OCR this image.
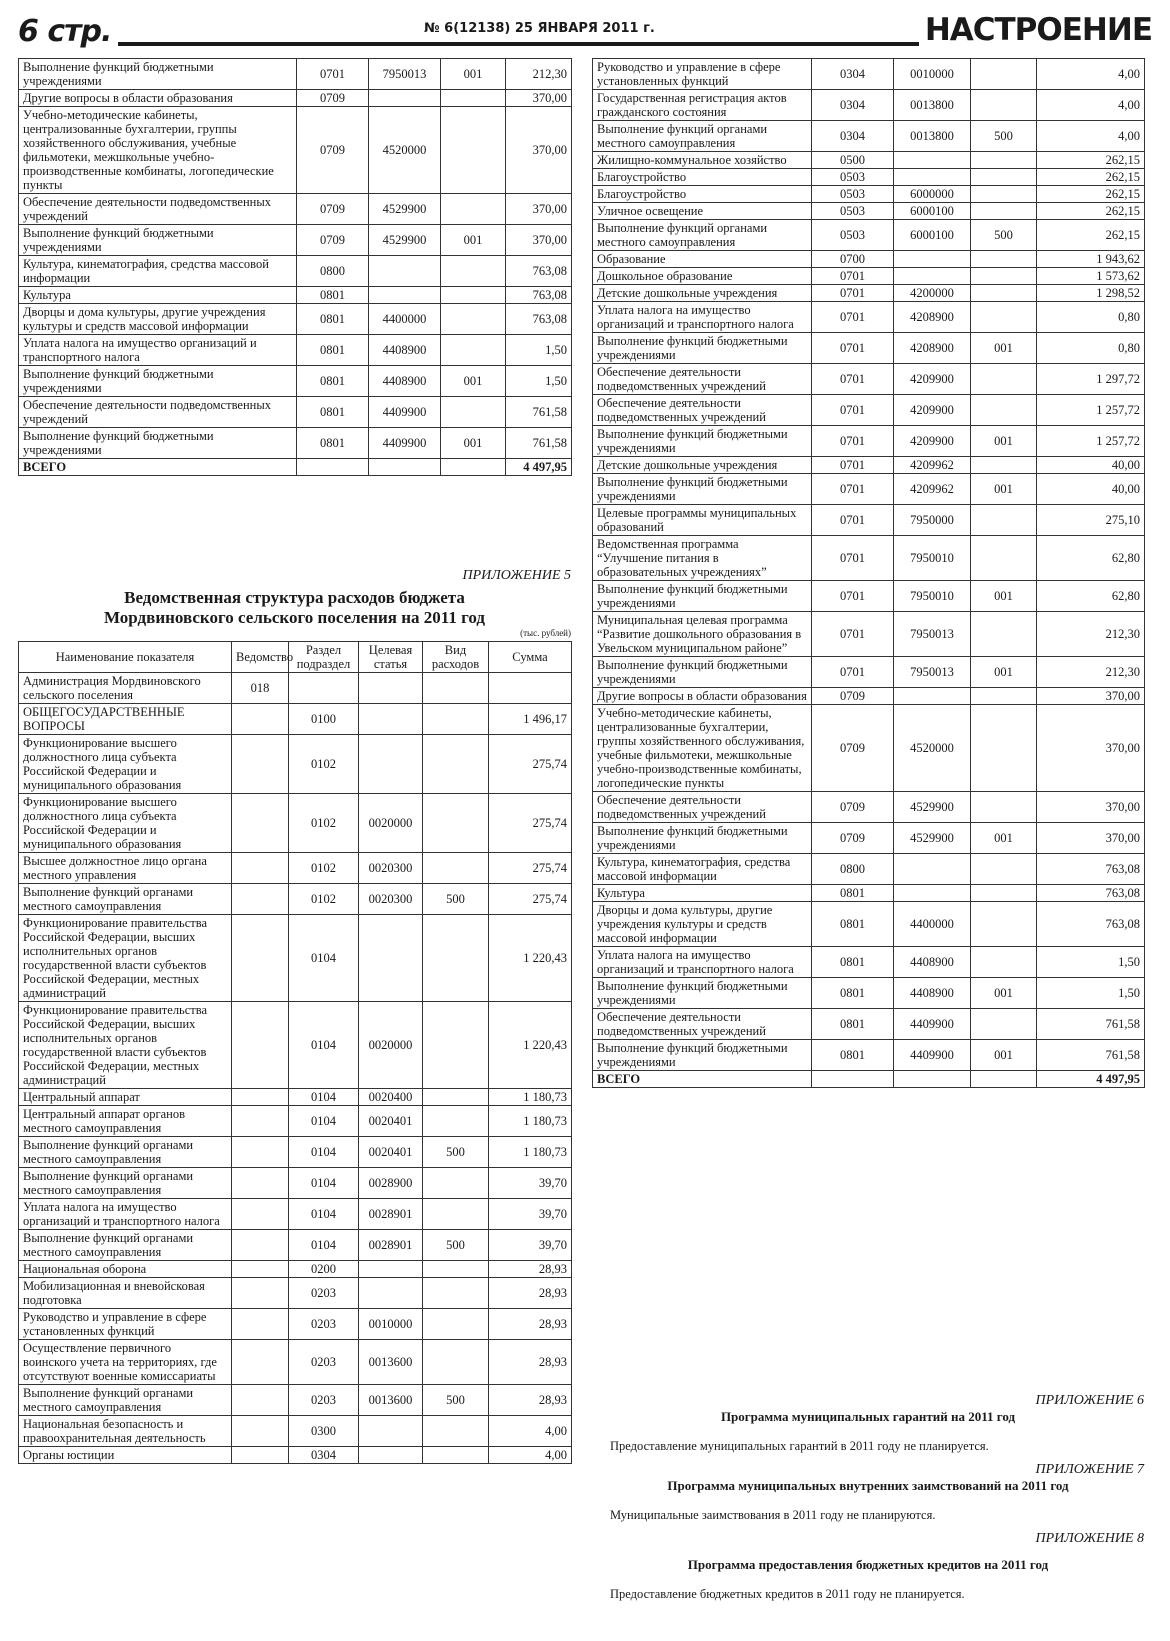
6 стр.	№ 6(12138) 25 ЯНВАРЯ 2011 г.	НАСТРОЕНИЕ
Выполнение функций бюджетными учреждениями	0701	7950013	001	212,30
Другие вопросы в области образования	0709			370,00
Учебно-методические кабинеты, централизованные бухгалтерии, группы хозяйственного обслуживания, учебные фильмотеки, межшкольные учебно-производственные комбинаты, логопедические пункты	0709	4520000		370,00
Обеспечение деятельности подведомственных учреждений	0709	4529900		370,00
Выполнение функций бюджетными учреждениями	0709	4529900	001	370,00
Культура, кинематография, средства массовой информации	0800			763,08
Культура	0801			763,08
Дворцы и дома культуры, другие учреждения культуры и средств массовой информации	0801	4400000		763,08
Уплата налога на имущество организаций и транспортного налога	0801	4408900		1,50
Выполнение функций бюджетными учреждениями	0801	4408900	001	1,50
Обеспечение деятельности подведомственных учреждений	0801	4409900		761,58
Выполнение функций бюджетными учреждениями	0801	4409900	001	761,58
ВСЕГО				4 497,95
ПРИЛОЖЕНИЕ 5
Ведомственная структура расходов бюджета Мордвиновского сельского поселения на 2011 год
(тыс. рублей)
Наименование показателя	Ведомство	Раздел подраздел	Целевая статья	Вид расходов	Сумма
Администрация Мордвиновского сельского поселения	018				
ОБЩЕГОСУДАРСТВЕННЫЕ ВОПРОСЫ		0100			1 496,17
Функционирование высшего должностного лица субъекта Российской Федерации и муниципального образования		0102			275,74
Функционирование высшего должностного лица субъекта Российской Федерации и муниципального образования		0102	0020000		275,74
Высшее должностное лицо органа местного управления		0102	0020300		275,74
Выполнение функций органами местного самоуправления		0102	0020300	500	275,74
Функционирование правительства Российской Федерации, высших исполнительных органов государственной власти субъектов Российской Федерации, местных администраций		0104			1 220,43
Функционирование правительства Российской Федерации, высших исполнительных органов государственной власти субъектов Российской Федерации, местных администраций		0104	0020000		1 220,43
Центральный аппарат		0104	0020400		1 180,73
Центральный аппарат органов местного самоуправления		0104	0020401		1 180,73
Выполнение функций органами местного самоуправления		0104	0020401	500	1 180,73
Выполнение функций органами местного самоуправления		0104	0028900		39,70
Уплата налога на имущество организаций и транспортного налога		0104	0028901		39,70
Выполнение функций органами местного самоуправления		0104	0028901	500	39,70
Национальная оборона		0200			28,93
Мобилизационная и вневойсковая подготовка		0203			28,93
Руководство и управление в сфере установленных функций		0203	0010000		28,93
Осуществление первичного воинского учета на территориях, где отсутствуют военные комиссариаты		0203	0013600		28,93
Выполнение функций органами местного самоуправления		0203	0013600	500	28,93
Национальная безопасность и правоохранительная деятельность		0300			4,00
Органы юстиции		0304			4,00
Руководство и управление в сфере установленных функций	0304	0010000		4,00
Государственная регистрация актов гражданского состояния	0304	0013800		4,00
Выполнение функций органами местного самоуправления	0304	0013800	500	4,00
Жилищно-коммунальное хозяйство	0500			262,15
Благоустройство	0503			262,15
Благоустройство	0503	6000000		262,15
Уличное освещение	0503	6000100		262,15
Выполнение функций органами местного самоуправления	0503	6000100	500	262,15
Образование	0700			1 943,62
Дошкольное образование	0701			1 573,62
Детские дошкольные учреждения	0701	4200000		1 298,52
Уплата налога на имущество организаций и транспортного налога	0701	4208900		0,80
Выполнение функций бюджетными учреждениями	0701	4208900	001	0,80
Обеспечение деятельности подведомственных учреждений	0701	4209900		1 297,72
Обеспечение деятельности подведомственных учреждений	0701	4209900		1 257,72
Выполнение функций бюджетными учреждениями	0701	4209900	001	1 257,72
Детские дошкольные учреждения	0701	4209962		40,00
Выполнение функций бюджетными учреждениями	0701	4209962	001	40,00
Целевые программы муниципальных образований	0701	7950000		275,10
Ведомственная программа “Улучшение питания в образовательных учреждениях”	0701	7950010		62,80
Выполнение функций бюджетными учреждениями	0701	7950010	001	62,80
Муниципальная целевая программа “Развитие дошкольного образования в Увельском муниципальном районе”	0701	7950013		212,30
Выполнение функций бюджетными учреждениями	0701	7950013	001	212,30
Другие вопросы в области образования	0709			370,00
Учебно-методические кабинеты, централизованные бухгалтерии, группы хозяйственного обслуживания, учебные фильмотеки, межшкольные учебно-производственные комбинаты, логопедические пункты	0709	4520000		370,00
Обеспечение деятельности подведомственных учреждений	0709	4529900		370,00
Выполнение функций бюджетными учреждениями	0709	4529900	001	370,00
Культура, кинематография, средства массовой информации	0800			763,08
Культура	0801			763,08
Дворцы и дома культуры, другие учреждения культуры и средств массовой информации	0801	4400000		763,08
Уплата налога на имущество организаций и транспортного налога	0801	4408900		1,50
Выполнение функций бюджетными учреждениями	0801	4408900	001	1,50
Обеспечение деятельности подведомственных учреждений	0801	4409900		761,58
Выполнение функций бюджетными учреждениями	0801	4409900	001	761,58
ВСЕГО				4 497,95
ПРИЛОЖЕНИЕ 6
Программа муниципальных гарантий на 2011 год
Предоставление муниципальных гарантий в 2011 году не планируется.
ПРИЛОЖЕНИЕ 7
Программа муниципальных внутренних заимствований на 2011 год
Муниципальные заимствования в 2011 году не планируются.
ПРИЛОЖЕНИЕ 8
Программа предоставления бюджетных кредитов на 2011 год
Предоставление бюджетных кредитов в 2011 году не планируется.
